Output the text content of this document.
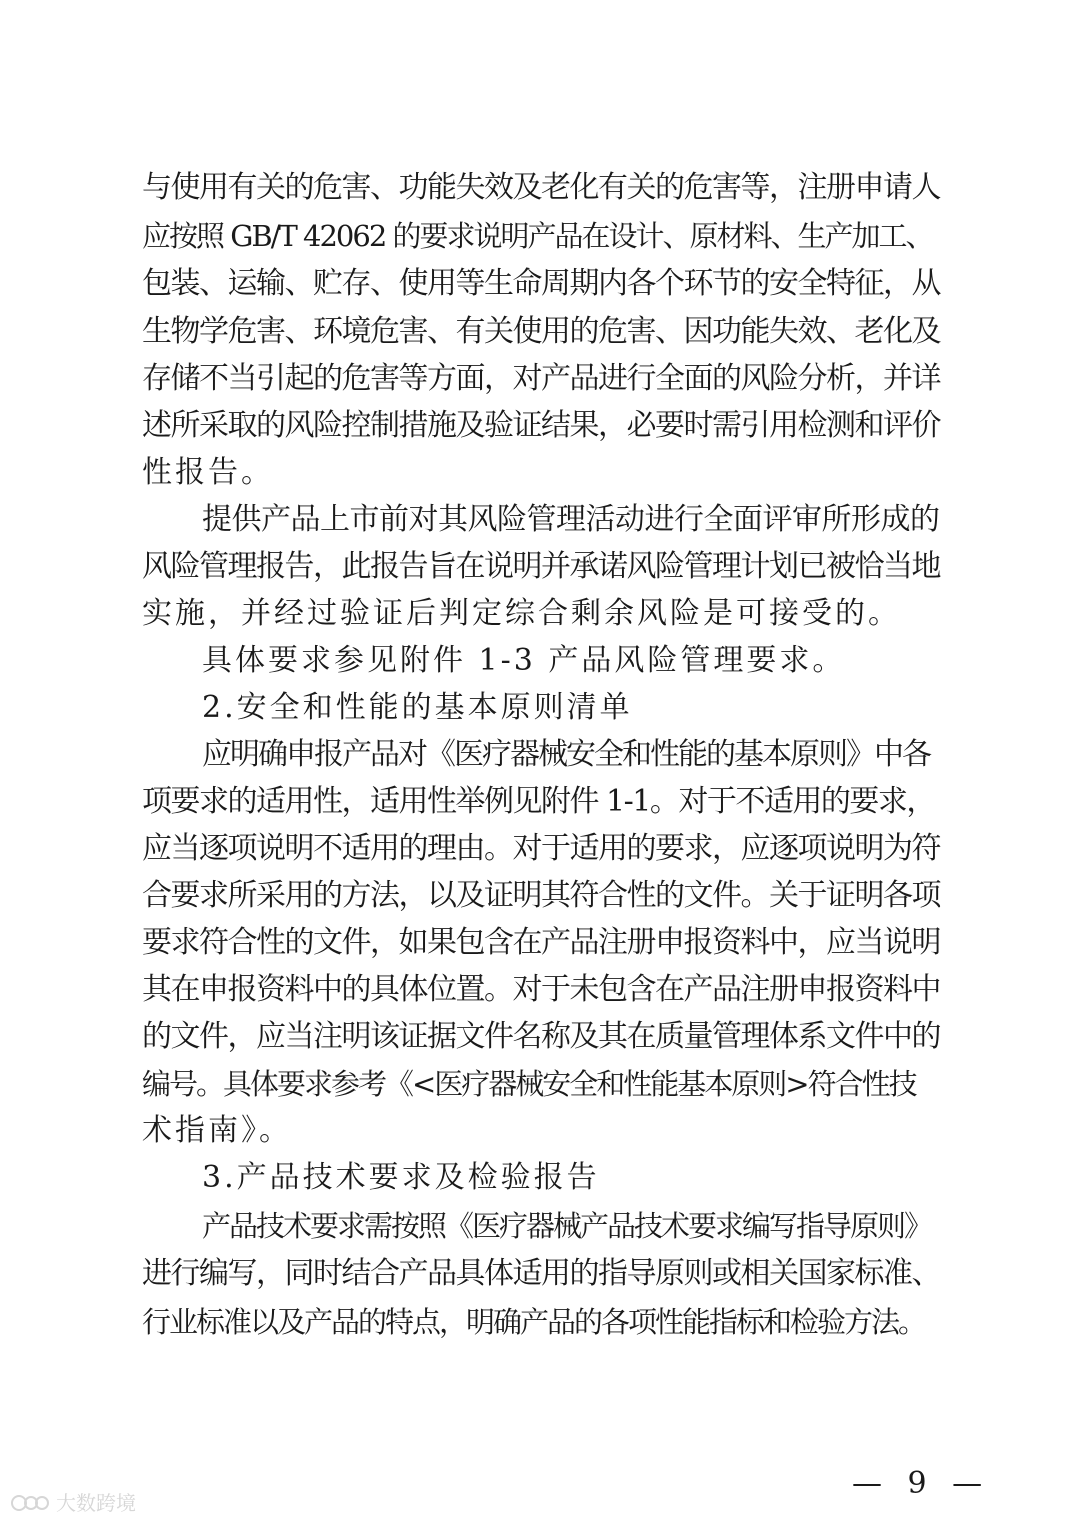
与使用有关的危害、功能失效及老化有关的危害等，注册申请人
应按照 GB/T 42062 的要求说明产品在设计、原材料、生产加工、
包装、运输、贮存、使用等生命周期内各个环节的安全特征，从
生物学危害、环境危害、有关使用的危害、因功能失效、老化及
存储不当引起的危害等方面，对产品进行全面的风险分析，并详
述所采取的风险控制措施及验证结果，必要时需引用检测和评价
性报告。
提供产品上市前对其风险管理活动进行全面评审所形成的
风险管理报告，此报告旨在说明并承诺风险管理计划已被恰当地
实施，并经过验证后判定综合剩余风险是可接受的。
具体要求参见附件 1-3 产品风险管理要求。
2.安全和性能的基本原则清单
应明确申报产品对《医疗器械安全和性能的基本原则》中各
项要求的适用性，适用性举例见附件 1-1。对于不适用的要求，
应当逐项说明不适用的理由。对于适用的要求，应逐项说明为符
合要求所采用的方法，以及证明其符合性的文件。关于证明各项
要求符合性的文件，如果包含在产品注册申报资料中，应当说明
其在申报资料中的具体位置。对于未包含在产品注册申报资料中
的文件，应当注明该证据文件名称及其在质量管理体系文件中的
编号。具体要求参考《<医疗器械安全和性能基本原则>符合性技
术指南》。
3.产品技术要求及检验报告
产品技术要求需按照《医疗器械产品技术要求编写指导原则》
进行编写，同时结合产品具体适用的指导原则或相关国家标准、
行业标准以及产品的特点，明确产品的各项性能指标和检验方法。
— 9 —
大数跨境
